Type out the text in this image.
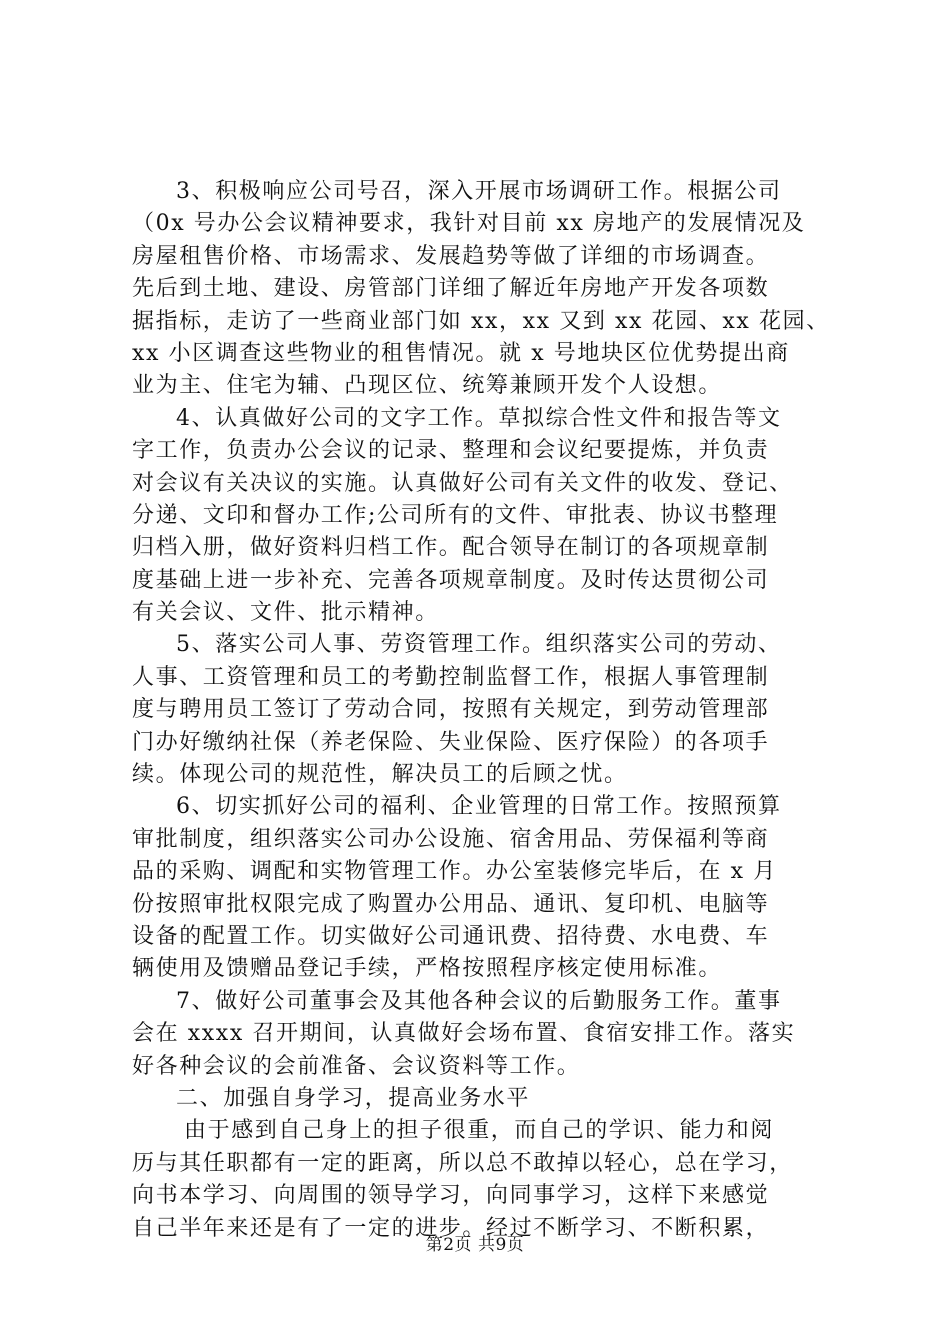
3、积极响应公司号召，深入开展市场调研工作。根据公司
（0x 号办公会议精神要求，我针对目前 xx 房地产的发展情况及
房屋租售价格、市场需求、发展趋势等做了详细的市场调查。
先后到土地、建设、房管部门详细了解近年房地产开发各项数
据指标，走访了一些商业部门如 xx，xx 又到 xx 花园、xx 花园、
xx 小区调查这些物业的租售情况。就 x 号地块区位优势提出商
业为主、住宅为辅、凸现区位、统筹兼顾开发个人设想。
4、认真做好公司的文字工作。草拟综合性文件和报告等文
字工作，负责办公会议的记录、整理和会议纪要提炼，并负责
对会议有关决议的实施。认真做好公司有关文件的收发、登记、
分递、文印和督办工作;公司所有的文件、审批表、协议书整理
归档入册，做好资料归档工作。配合领导在制订的各项规章制
度基础上进一步补充、完善各项规章制度。及时传达贯彻公司
有关会议、文件、批示精神。
5、落实公司人事、劳资管理工作。组织落实公司的劳动、
人事、工资管理和员工的考勤控制监督工作，根据人事管理制
度与聘用员工签订了劳动合同，按照有关规定，到劳动管理部
门办好缴纳社保（养老保险、失业保险、医疗保险）的各项手
续。体现公司的规范性，解决员工的后顾之忧。
6、切实抓好公司的福利、企业管理的日常工作。按照预算
审批制度，组织落实公司办公设施、宿舍用品、劳保福利等商
品的采购、调配和实物管理工作。办公室装修完毕后，在 x 月
份按照审批权限完成了购置办公用品、通讯、复印机、电脑等
设备的配置工作。切实做好公司通讯费、招待费、水电费、车
辆使用及馈赠品登记手续，严格按照程序核定使用标准。
7、做好公司董事会及其他各种会议的后勤服务工作。董事
会在 xxxx 召开期间，认真做好会场布置、食宿安排工作。落实
好各种会议的会前准备、会议资料等工作。
二、加强自身学习，提高业务水平
由于感到自己身上的担子很重，而自己的学识、能力和阅
历与其任职都有一定的距离，所以总不敢掉以轻心，总在学习，
向书本学习、向周围的领导学习，向同事学习，这样下来感觉
自己半年来还是有了一定的进步。经过不断学习、不断积累，
第2页 共9页
